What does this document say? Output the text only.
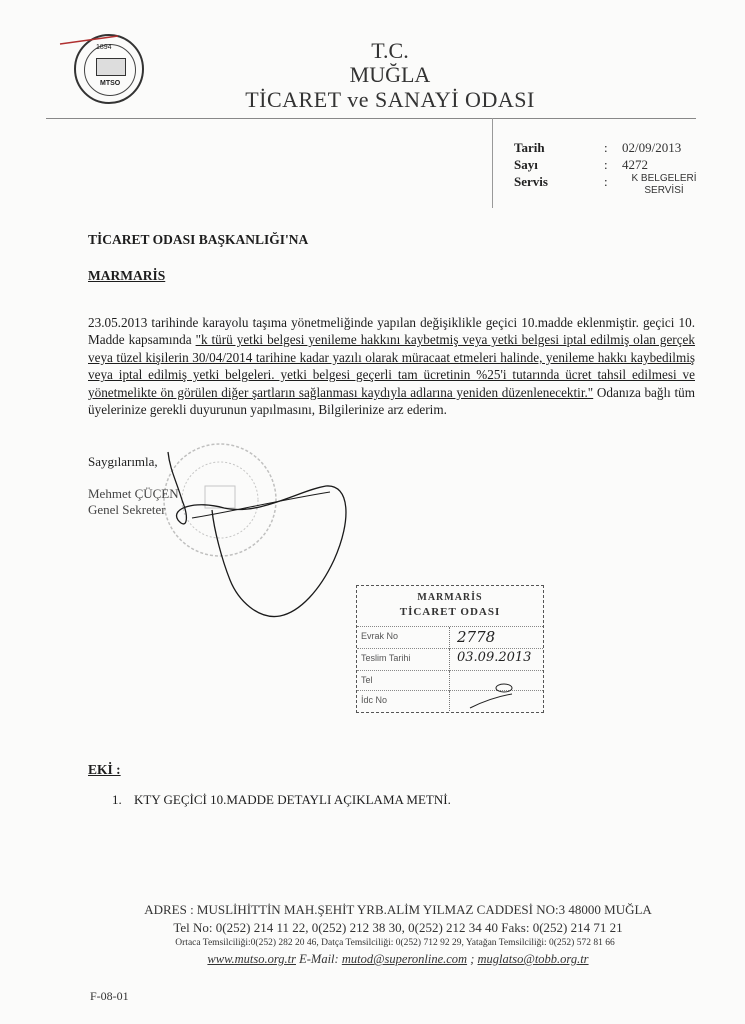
1894
MTSO
T.C.
MUĞLA
TİCARET ve SANAYİ ODASI
Tarih	: 02/09/2013
Sayı	: 4272
Servis	:	K BELGELERİ
SERVİSİ
TİCARET ODASI BAŞKANLIĞI'NA
MARMARİS
23.05.2013 tarihinde karayolu taşıma yönetmeliğinde yapılan değişiklikle geçici 10.madde eklenmiştir. geçici 10. Madde kapsamında "k türü yetki belgesi yenileme hakkını kaybetmiş veya yetki belgesi iptal edilmiş olan gerçek veya tüzel kişilerin 30/04/2014 tarihine kadar yazılı olarak müracaat etmeleri halinde, yenileme hakkı kaybedilmiş veya iptal edilmiş yetki belgeleri. yetki belgesi geçerli tam ücretinin %25'i tutarında ücret tahsil edilmesi ve yönetmelikte ön görülen diğer şartların sağlanması kaydıyla adlarına yeniden düzenlenecektir." Odanıza bağlı tüm üyelerinize gerekli duyurunun yapılmasını, Bilgilerinize arz ederim.
Saygılarımla,
Mehmet ÇÜÇEN
Genel Sekreter
MARMARİS
TİCARET ODASI
Evrak No	2778
Teslim Tarihi	03.09.2013
Tel
İdc No
EKİ :
1. KTY GEÇİCİ 10.MADDE DETAYLI AÇIKLAMA METNİ.
ADRES : MUSLİHİTTİN MAH.ŞEHİT YRB.ALİM YILMAZ CADDESİ NO:3 48000 MUĞLA
Tel No: 0(252) 214 11 22, 0(252) 212 38 30, 0(252) 212 34 40 Faks: 0(252) 214 71 21
Ortaca Temsilciliği:0(252) 282 20 46, Datça Temsilciliği: 0(252) 712 92 29, Yatağan Temsilciliği: 0(252) 572 81 66
www.mutso.org.tr E-Mail: mutod@superonline.com ; muglatso@tobb.org.tr
F-08-01
